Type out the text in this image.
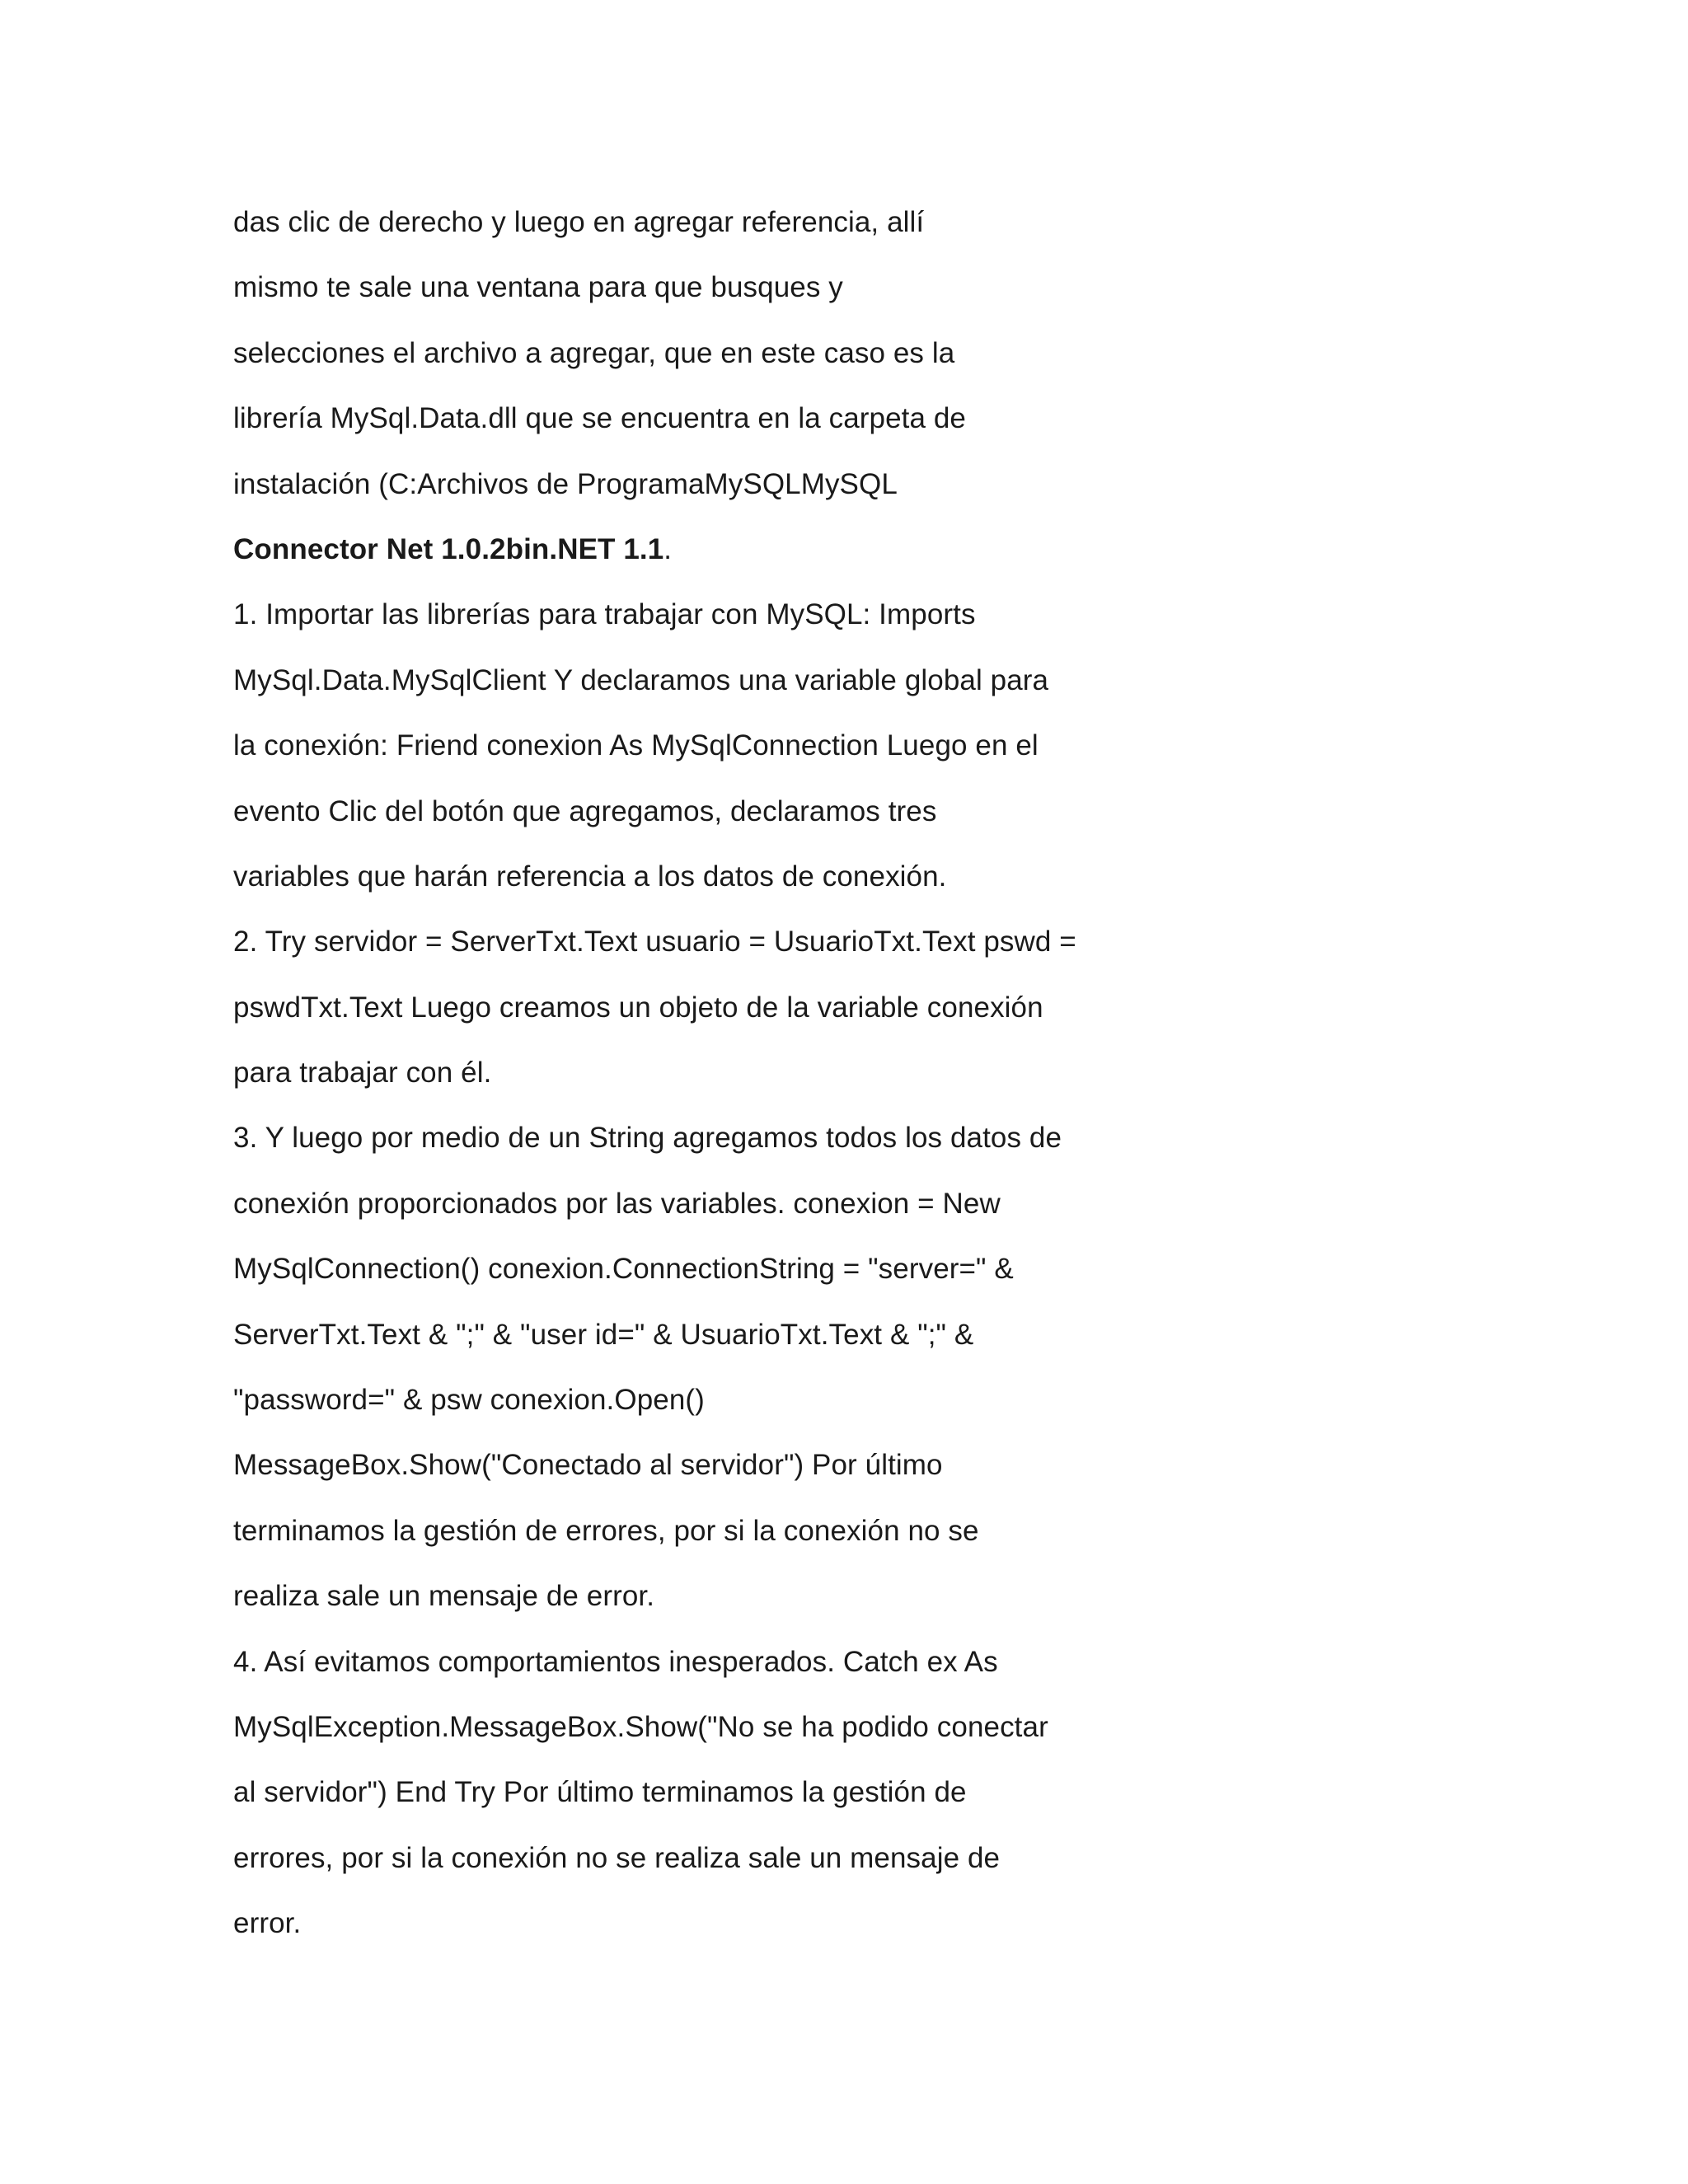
das clic de derecho y luego en agregar referencia, allí
mismo te sale una ventana para que busques y
selecciones el archivo a agregar, que en este caso es la
librería MySql.Data.dll que se encuentra en la carpeta de
instalación (C:Archivos de ProgramaMySQLMySQL
Connector Net 1.0.2bin.NET 1.1.
1. Importar las librerías para trabajar con MySQL: Imports
MySql.Data.MySqlClient Y declaramos una variable global para
la conexión: Friend conexion As MySqlConnection Luego en el
evento Clic del botón que agregamos, declaramos tres
variables que harán referencia a los datos de conexión.
2. Try servidor = ServerTxt.Text usuario = UsuarioTxt.Text pswd =
pswdTxt.Text Luego creamos un objeto de la variable conexión
para trabajar con él.
3. Y luego por medio de un String agregamos todos los datos de
conexión proporcionados por las variables. conexion = New
MySqlConnection() conexion.ConnectionString = "server=" &
ServerTxt.Text & ";" & "user id=" & UsuarioTxt.Text & ";" &
"password=" & psw conexion.Open()
MessageBox.Show("Conectado al servidor") Por último
terminamos la gestión de errores, por si la conexión no se
realiza sale un mensaje de error.
4. Así evitamos comportamientos inesperados. Catch ex As
MySqlException.MessageBox.Show("No se ha podido conectar
al servidor") End Try Por último terminamos la gestión de
errores, por si la conexión no se realiza sale un mensaje de
error.
